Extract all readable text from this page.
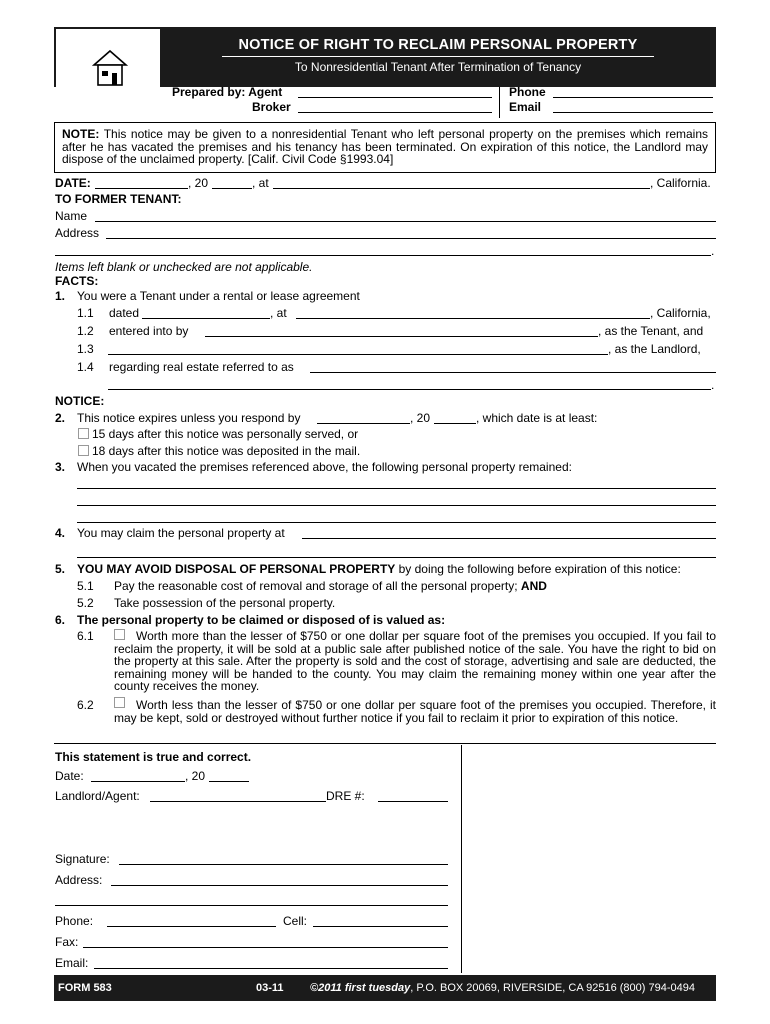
NOTICE OF RIGHT TO RECLAIM PERSONAL PROPERTY
To Nonresidential Tenant After Termination of Tenancy
Prepared by: Agent
Broker
Phone
Email
NOTE: This notice may be given to a nonresidential Tenant who left personal property on the premises which remains after he has vacated the premises and his tenancy has been terminated. On expiration of this notice, the Landlord may dispose of the unclaimed property. [Calif. Civil Code §1993.04]
DATE:	, 20	, at	, California.
TO FORMER TENANT:
Name
Address
.
Items left blank or unchecked are not applicable.
FACTS:
1. You were a Tenant under a rental or lease agreement
1.1 dated	, at	, California,
1.2 entered into by	, as the Tenant, and
1.3	, as the Landlord,
1.4 regarding real estate referred to as
.
NOTICE:
2. This notice expires unless you respond by	, 20	, which date is at least:
15 days after this notice was personally served, or
18 days after this notice was deposited in the mail.
3. When you vacated the premises referenced above, the following personal property remained:
4. You may claim the personal property at
5. YOU MAY AVOID DISPOSAL OF PERSONAL PROPERTY by doing the following before expiration of this notice:
5.1 Pay the reasonable cost of removal and storage of all the personal property; AND
5.2 Take possession of the personal property.
6. The personal property to be claimed or disposed of is valued as:
6.1	Worth more than the lesser of $750 or one dollar per square foot of the premises you occupied. If you fail to reclaim the property, it will be sold at a public sale after published notice of the sale. You have the right to bid on the property at this sale. After the property is sold and the cost of storage, advertising and sale are deducted, the remaining money will be handed to the county. You may claim the remaining money within one year after the county receives the money.
6.2	Worth less than the lesser of $750 or one dollar per square foot of the premises you occupied. Therefore, it may be kept, sold or destroyed without further notice if you fail to reclaim it prior to expiration of this notice.
This statement is true and correct.
Date:	, 20
Landlord/Agent:	DRE #:
Signature:
Address:
Phone:	Cell:
Fax:
Email:
FORM 583	03-11 ©2011 first tuesday, P.O. BOX 20069, RIVERSIDE, CA 92516 (800) 794-0494
